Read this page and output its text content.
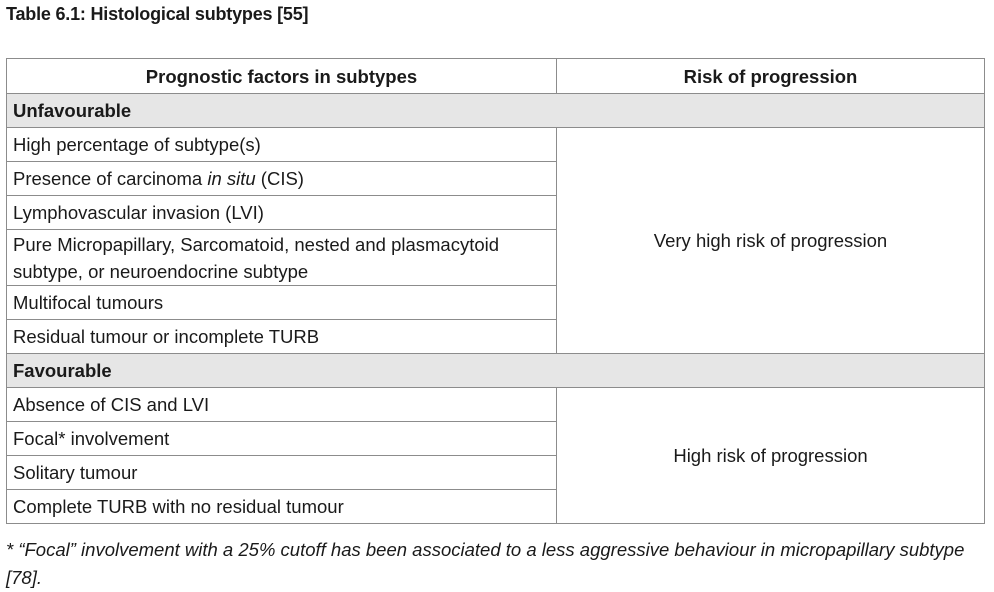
Table 6.1: Histological subtypes [55]
Prognostic factors in subtypes	Risk of progression
Unfavourable	
High percentage of subtype(s)	Very high risk of progression
Presence of carcinoma in situ (CIS)	
Lymphovascular invasion (LVI)	
Pure Micropapillary, Sarcomatoid, nested and plasmacytoid subtype, or neuroendocrine subtype	
Multifocal tumours	
Residual tumour or incomplete TURB	
Favourable	
Absence of CIS and LVI	High risk of progression
Focal* involvement	
Solitary tumour	
Complete TURB with no residual tumour	
* “Focal” involvement with a 25% cutoff has been associated to a less aggressive behaviour in micropapillary subtype [78].
